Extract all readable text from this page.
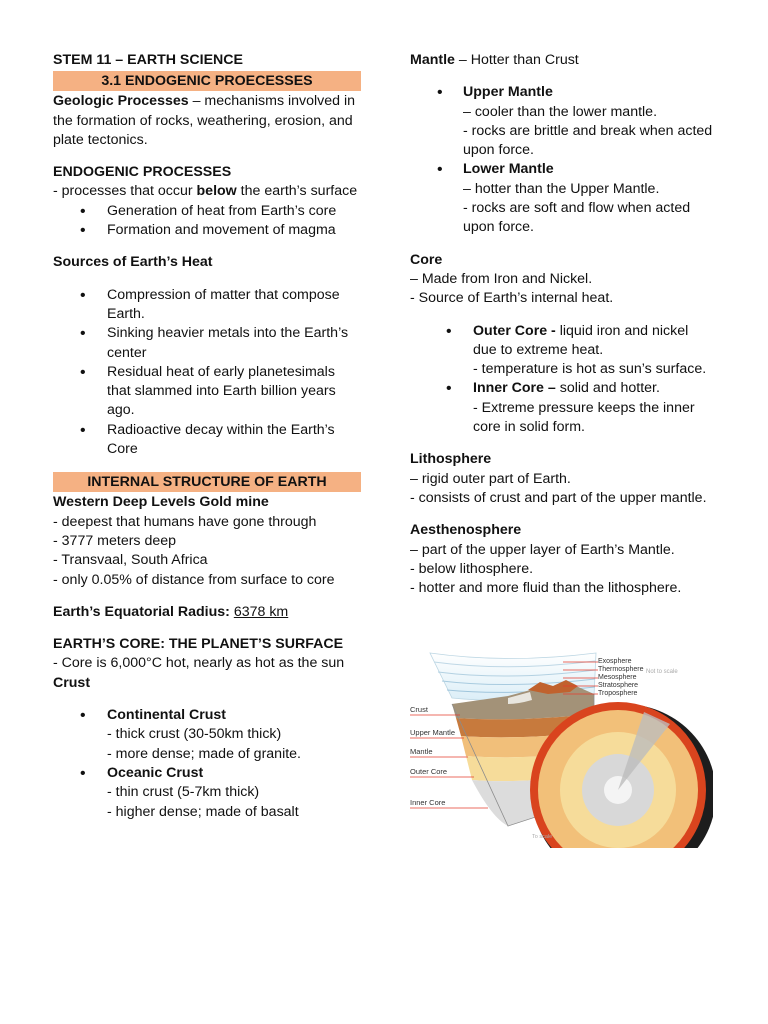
STEM 11 – EARTH SCIENCE

3.1 ENDOGENIC PROECESSES

Geologic Processes – mechanisms involved in the formation of rocks, weathering, erosion, and plate tectonics.

ENDOGENIC PROCESSES

- processes that occur below the earth’s surface

• Generation of heat from Earth’s core
• Formation and movement of magma

Sources of Earth’s Heat

• Compression of matter that compose Earth.
• Sinking heavier metals into the Earth’s center
• Residual heat of early planetesimals that slammed into Earth billion years ago.
• Radioactive decay within the Earth’s Core
INTERNAL STRUCTURE OF EARTH

Western Deep Levels Gold mine

- deepest that humans have gone through

- 3777 meters deep

- Transvaal, South Africa

- only 0.05% of distance from surface to core

Earth’s Equatorial Radius: 6378 km

EARTH’S CORE: THE PLANET’S SURFACE

- Core is 6,000°C hot, nearly as hot as the sun

Crust

• Continental Crust
- thick crust (30-50km thick)
- more dense; made of granite.
• Oceanic Crust
- thin crust (5-7km thick)
- higher dense; made of basalt

Mantle – Hotter than Crust

• Upper Mantle
– cooler than the lower mantle.
- rocks are brittle and break when acted upon force.
• Lower Mantle
– hotter than the Upper Mantle.
- rocks are soft and flow when acted upon force.

Core

– Made from Iron and Nickel.

- Source of Earth’s internal heat.

• Outer Core - liquid iron and nickel due to extreme heat.
- temperature is hot as sun’s surface.
• Inner Core – solid and hotter.
- Extreme pressure keeps the inner core in solid form.

Lithosphere

– rigid outer part of Earth.

- consists of crust and part of the upper mantle.

Aesthenosphere

– part of the upper layer of Earth’s Mantle.

- below lithosphere.

- hotter and more fluid than the lithosphere.

Exosphere
Thermosphere
Mesosphere
Stratosphere
Troposphere
Not to scale
Crust
Upper Mantle
Mantle
Outer Core
Inner Core
To scale
